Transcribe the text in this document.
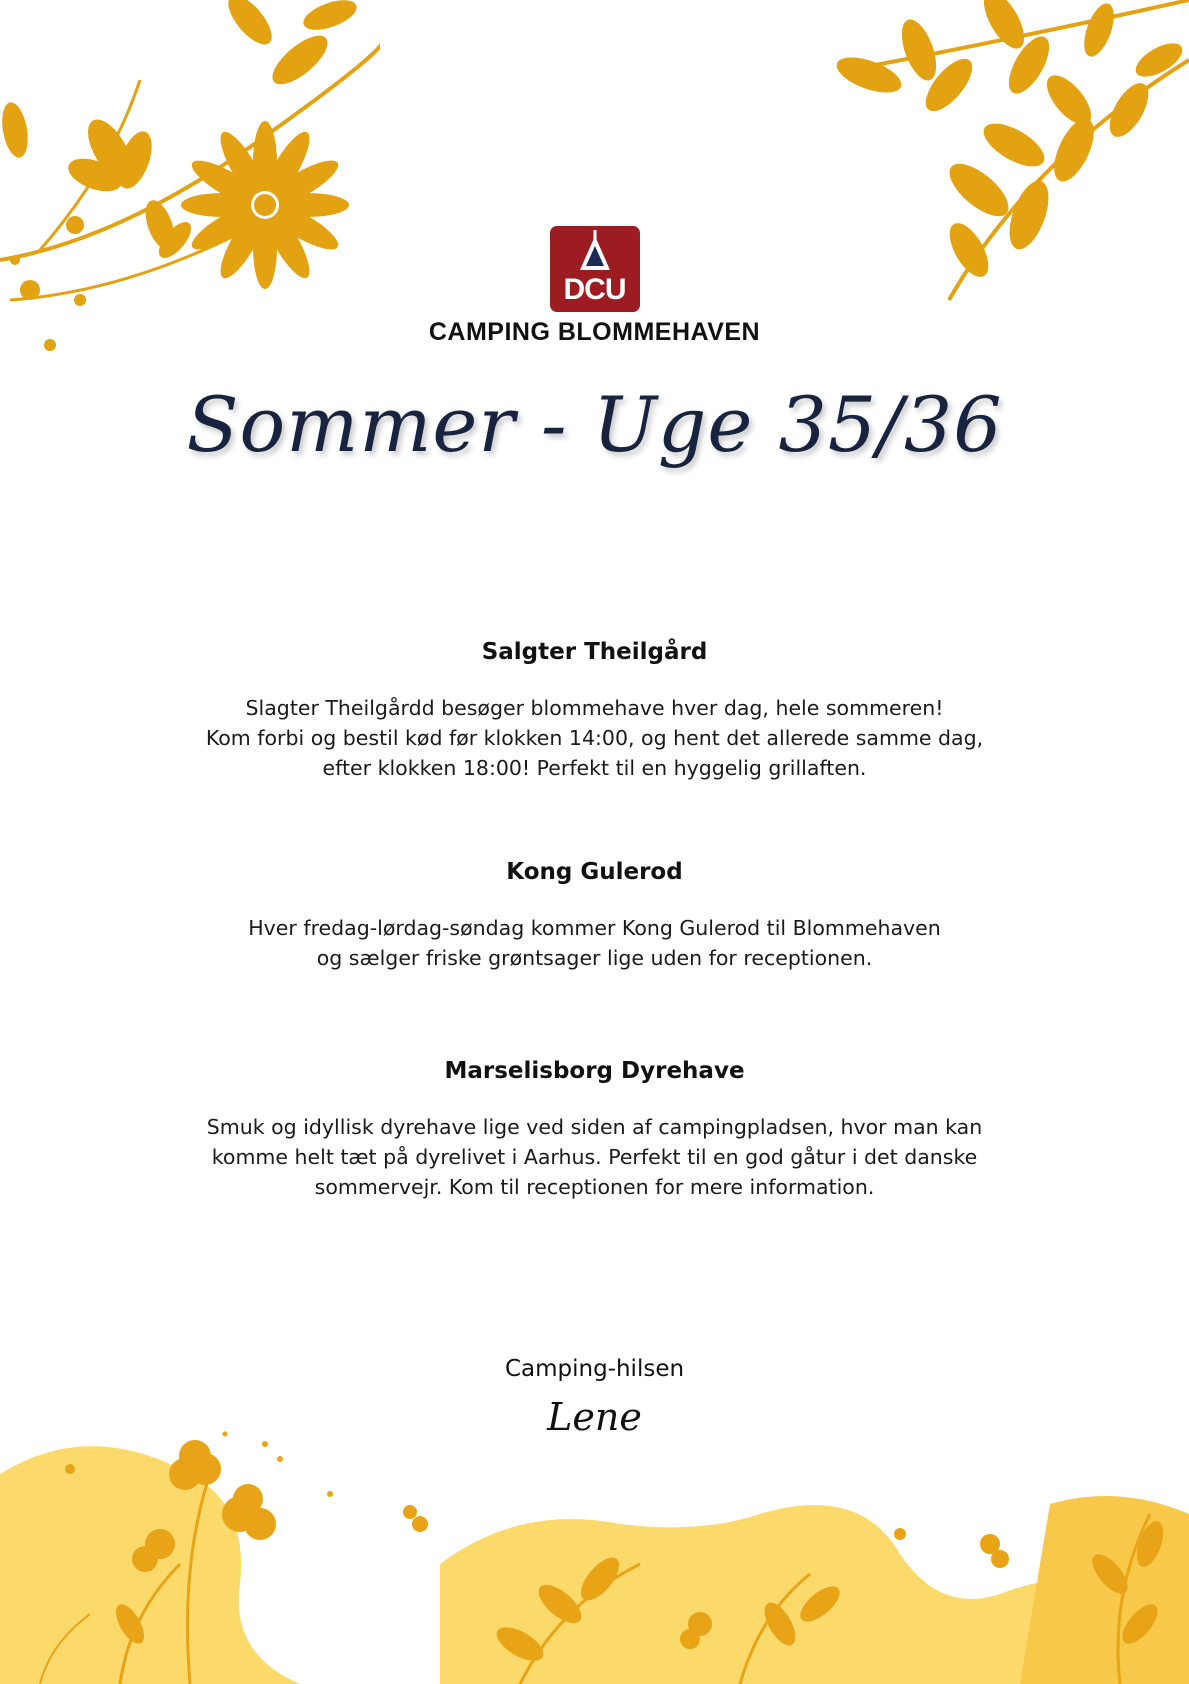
DCU
CAMPING BLOMMEHAVEN
Sommer - Uge 35/36
Salgter Theilgård

Slagter Theilgårdd besøger blommehave hver dag, hele sommeren!
Kom forbi og bestil kød før klokken 14:00, og hent det allerede samme dag,
efter klokken 18:00! Perfekt til en hyggelig grillaften.

Kong Gulerod

Hver fredag-lørdag-søndag kommer Kong Gulerod til Blommehaven
og sælger friske grøntsager lige uden for receptionen.

Marselisborg Dyrehave

Smuk og idyllisk dyrehave lige ved siden af campingpladsen, hvor man kan
komme helt tæt på dyrelivet i Aarhus. Perfekt til en god gåtur i det danske
sommervejr. Kom til receptionen for mere information.

Camping-hilsen
Lene
